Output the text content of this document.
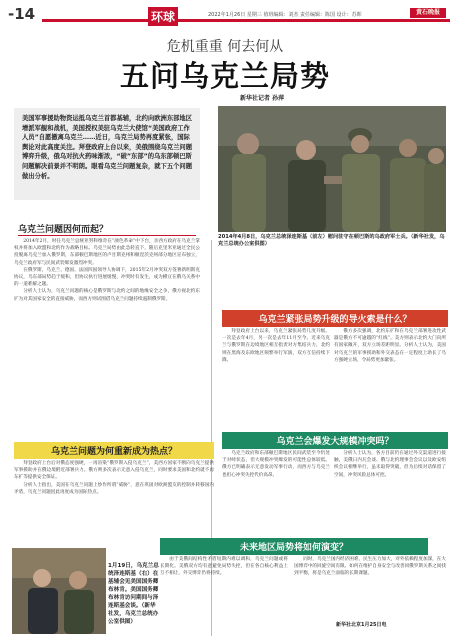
-14	环球	2022年1月26日 星期三 值班编辑：刘杰 责任编辑：陈国 设计：苏晖	黄石晚报
危机重重 何去何从
五问乌克兰局势
新华社记者 孙萍
美国军事援助物资运抵乌克兰首都基辅，北约向欧洲东部地区增派军舰和战机，美国授权美驻乌克兰大使馆“美国政府工作人员”自愿撤离乌克兰……近日，乌克兰局势再度紧张，国际舆论对此高度关注。拜登政府上台以来，美俄围绕乌克兰问题博弈升级，俄乌对抗火药味渐浓，“破”东部”的乌东部顿巴斯问题解决前景并不明朗。眼看乌克兰问题复杂，就下五个问题做出分析。
2014年4月8日，乌克兰总统泽连斯基（前左）慰问驻守在顿巴斯的乌政府军士兵。（新华社发，乌克兰总统办公室供图）
乌克兰问题因何而起？

2014年2月，时任乌克兰总统亚努科维奇在“颜色革命”中下台，亲西方政府在乌克兰掌权并将加入欧盟和北约作为战略目标。乌克兰局势由此急转直下，随后克里米亚通过全民公投脱离乌克兰加入俄罗斯，东部顿巴斯地区的卢甘斯克州和顿涅茨克州部分地区宣布独立，乌克兰政府军与民间武装爆发激烈冲突。

在俄罗斯、乌克兰、德国、法国四国领导人协调下，2015年2月冲突双方签署新明斯克协议，乌东部局势趋于缓和，但协议执行进展缓慢，冲突时有发生，成为横亘在俄乌关系中的一道难解之题。

分析人士认为，乌克兰问题的核心是俄罗斯与北约之间的地缘安全之争，俄方视北约东扩为对其国家安全的直接威胁，而西方则试图借乌克兰问题持续遏制俄罗斯。

乌克兰问题为何重新成为热点？

拜登政府上台后对俄态度强硬，一再渲染“俄罗斯入侵乌克兰”，美西方国家不断向乌克兰提供军事援助并在俄边境附近部署兵力。俄方则多次表示无意入侵乌克兰，同时要求美国和北约就不再东扩等提供安全保证。

分析人士指出，美国在乌克兰问题上炒作所谓“威胁”，意在巩固对欧洲盟友的控制并转移国内矛盾，乌克兰问题因此再度成为国际热点。

乌克兰紧张局势升级的导火索是什么？

拜登政府上台以来，乌克兰紧张局势几度升级。一次是去年4月，另一次是去年11月至今。近来乌克兰与俄罗斯在边境地区相互指责对方集结兵力，北约则在黑海及东欧地区频繁举行军演，双方互信持续下降。

俄方多次强调，北约东扩和在乌克兰部署进攻性武器是俄方不可逾越的“红线”。美方则表示北约大门向所有国家敞开，双方立场差距明显。分析人士认为，美国对乌克兰的军事援助和外交表态在一定程度上助长了乌方强硬立场，令局势更加紧张。

乌克兰会爆发大规模冲突吗？

乌克兰政府和东部顿巴斯地区民间武装至今仍处于对峙状态，但大规模冲突爆发的可能性总体较低。俄方已明确表示无意发动军事行动，而西方与乌克兰也担心冲突失控代价高昂。

分析人士认为，各方目前仍在通过外交渠道进行接触，美俄日内瓦会谈、俄与北约理事会会议以及欧安组织会议相继举行，虽未取得突破，但为后续对话保留了空间，冲突风险总体可控。

1月19日，乌克兰总统泽连斯基（右）在基辅会见美国国务卿布林肯。美国国务卿布林肯访问期间与泽连斯基会谈。（新华社发，乌克兰总统办公室供图）
未来地区局势将如何演变？

由于美俄间结构性矛盾短期内难以调和，乌克兰问题或将长期化。美俄双方均有意避免局势失控，但在各自核心利益上互不相让，外交博弈仍将持续。

同时，乌克兰国内经济困难、民生压力加大，对外依赖程度加深，在大国博弈中的回旋空间有限。如何在维护自身安全与改善同俄罗斯关系之间找到平衡，将是乌克兰面临的长期课题。

新华社北京1月25日电
